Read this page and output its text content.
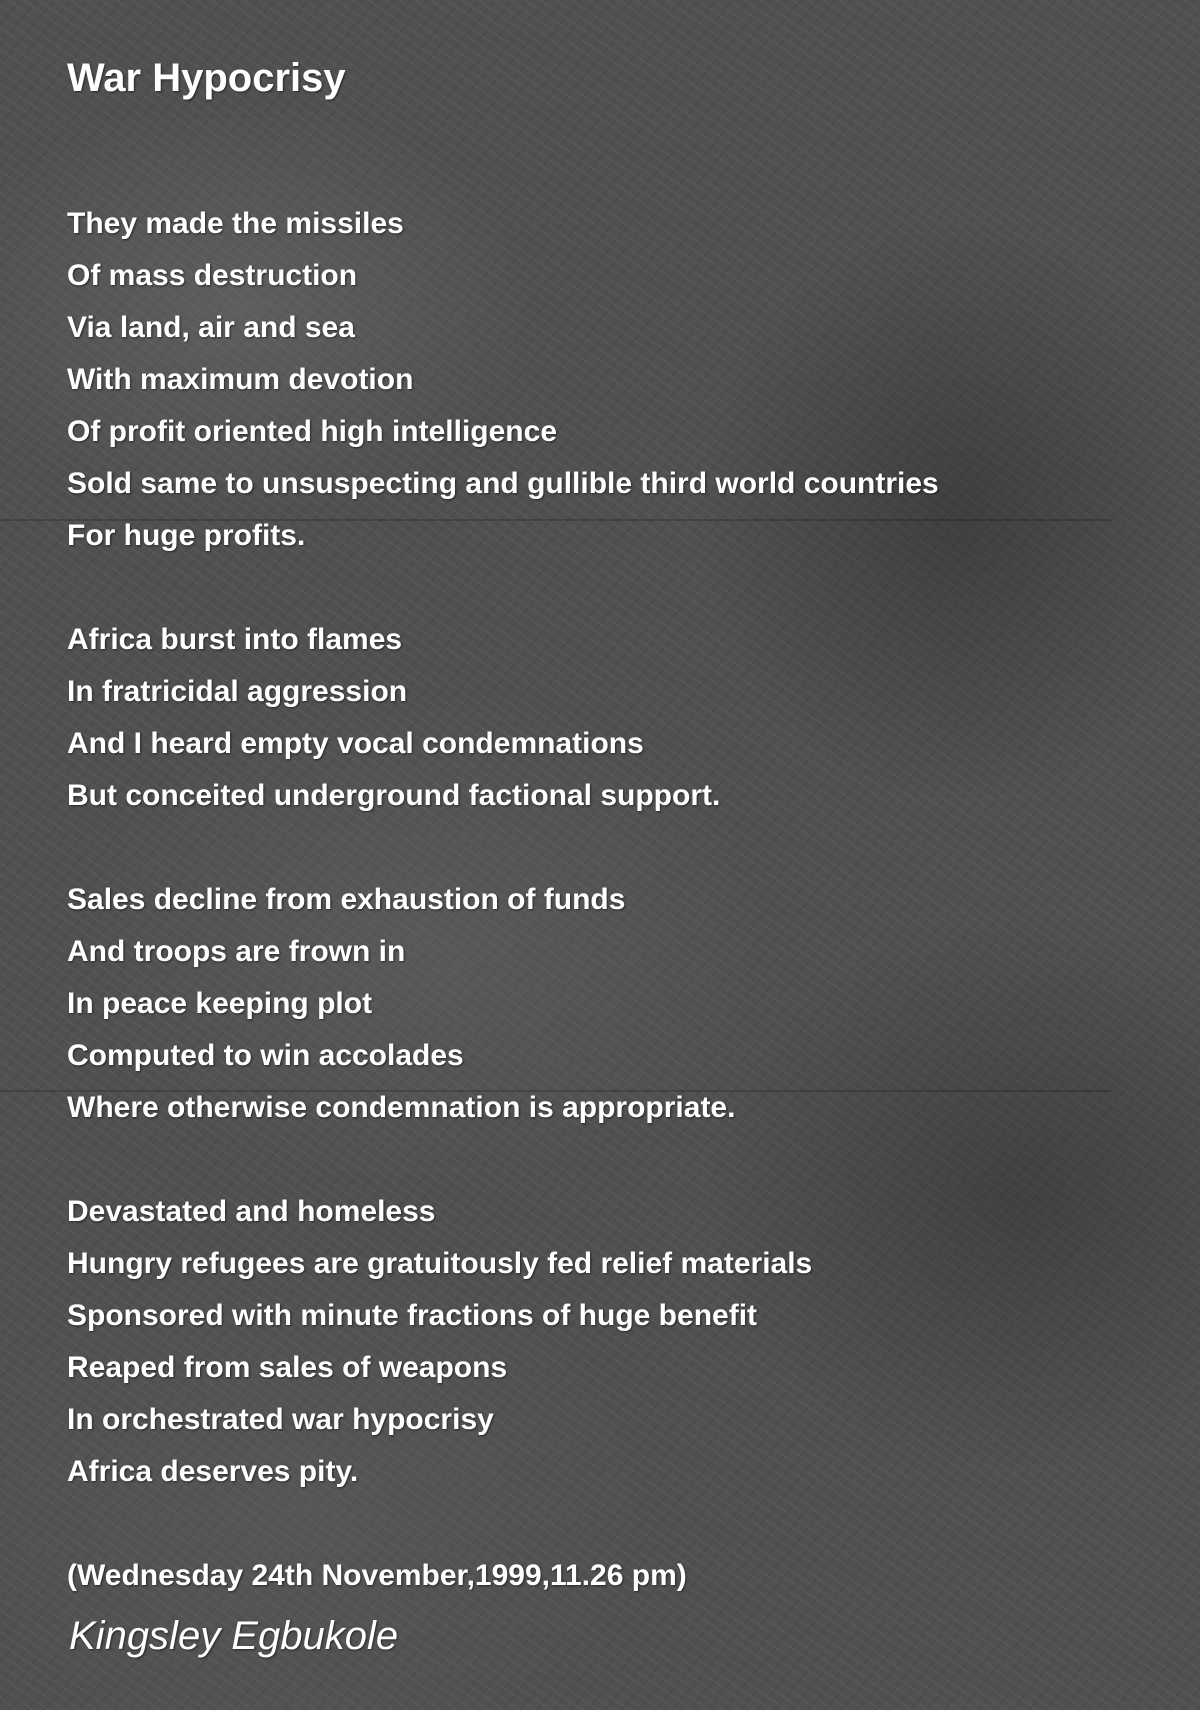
War Hypocrisy
They made the missiles
Of mass destruction
Via land, air and sea
With maximum devotion
Of profit oriented high intelligence
Sold same to unsuspecting and gullible third world countries
For huge profits.
Africa burst into flames
In fratricidal aggression
And I heard empty vocal condemnations
But conceited underground factional support.
Sales decline from exhaustion of funds
And troops are frown in
In peace keeping plot
Computed to win accolades
Where otherwise condemnation is appropriate.
Devastated and homeless
Hungry refugees are gratuitously fed relief materials
Sponsored with minute fractions of huge benefit
Reaped from sales of weapons
In orchestrated war hypocrisy
Africa deserves pity.
(Wednesday 24th November,1999,11.26 pm)
Kingsley Egbukole
